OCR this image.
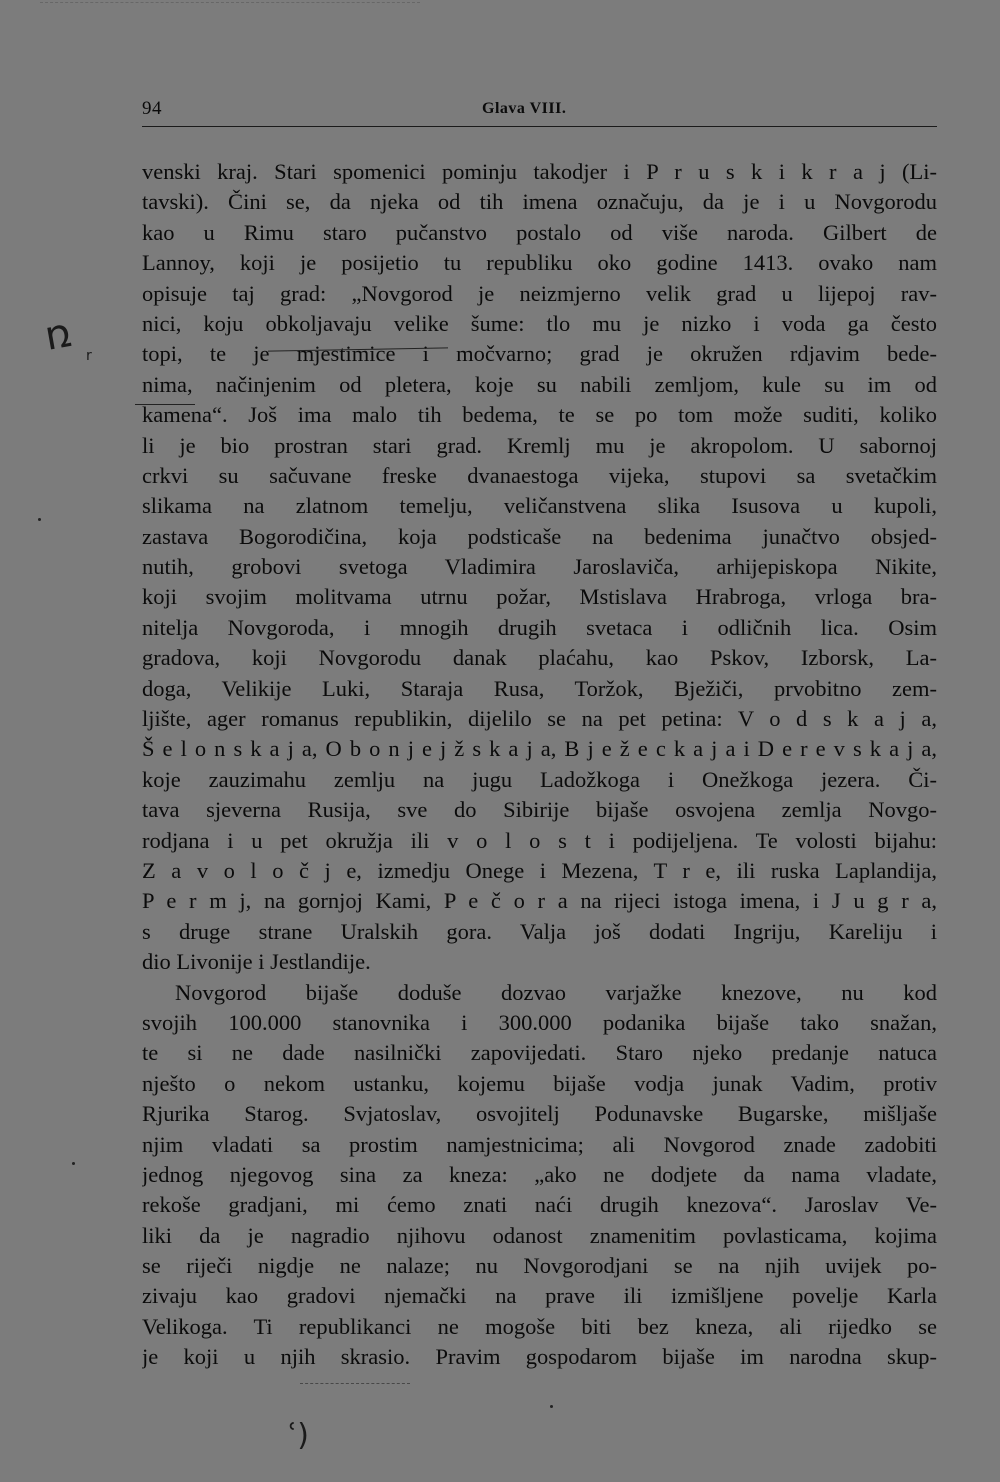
94	Glava VIII.
venski kraj. Stari spomenici pominju takodjer i P r u s k i k r a j (Li-
tavski). Čini se, da njeka od tih imena označuju, da je i u Novgorodu
kao u Rimu staro pučanstvo postalo od više naroda. Gilbert de
Lannoy, koji je posijetio tu republiku oko godine 1413. ovako nam
opisuje taj grad: „Novgorod je neizmjerno velik grad u lijepoj rav-
nici, koju obkoljavaju velike šume: tlo mu je nizko i voda ga često
topi, te je mjestimice i močvarno; grad je okružen rdjavim bede-
nima, načinjenim od pletera, koje su nabili zemljom, kule su im od
kamena“. Još ima malo tih bedema, te se po tom može suditi, koliko
li je bio prostran stari grad. Kremlj mu je akropolom. U sabornoj
crkvi su sačuvane freske dvanaestoga vijeka, stupovi sa svetačkim
slikama na zlatnom temelju, veličanstvena slika Isusova u kupoli,
zastava Bogorodičina, koja podsticaše na bedenima junačtvo obsjed-
nutih, grobovi svetoga Vladimira Jaroslaviča, arhijepiskopa Nikite,
koji svojim molitvama utrnu požar, Mstislava Hrabroga, vrloga bra-
nitelja Novgoroda, i mnogih drugih svetaca i odličnih lica. Osim
gradova, koji Novgorodu danak plaćahu, kao Pskov, Izborsk, La-
doga, Velikije Luki, Staraja Rusa, Toržok, Bježiči, prvobitno zem-
ljište, ager romanus republikin, dijelilo se na pet petina: V o d s k a j a,
Š e l o n s k a j a, O b o n j e j ž s k a j a, B j e ž e c k a j a i D e r e v s k a j a,
koje zauzimahu zemlju na jugu Ladožkoga i Onežkoga jezera. Či-
tava sjeverna Rusija, sve do Sibirije bijaše osvojena zemlja Novgo-
rodjana i u pet okružja ili v o l o s t i podijeljena. Te volosti bijahu:
Z a v o l o č j e, izmedju Onege i Mezena, T r e, ili ruska Laplandija,
P e r m j, na gornjoj Kami, P e č o r a na rijeci istoga imena, i J u g r a,
s druge strane Uralskih gora. Valja još dodati Ingriju, Kareliju i
dio Livonije i Jestlandije.
Novgorod bijaše doduše dozvao varjažke knezove, nu kod
svojih 100.000 stanovnika i 300.000 podanika bijaše tako snažan,
te si ne dade nasilnički zapovijedati. Staro njeko predanje natuca
nješto o nekom ustanku, kojemu bijaše vodja junak Vadim, protiv
Rjurika Starog. Svjatoslav, osvojitelj Podunavske Bugarske, mišljaše
njim vladati sa prostim namjestnicima; ali Novgorod znade zadobiti
jednog njegovog sina za kneza: „ako ne dodjete da nama vladate,
rekoše gradjani, mi ćemo znati naći drugih knezova“. Jaroslav Ve-
liki da je nagradio njihovu odanost znamenitim povlasticama, kojima
se riječi nigdje ne nalaze; nu Novgorodjani se na njih uvijek po-
zivaju kao gradovi njemački na prave ili izmišljene povelje Karla
Velikoga. Ti republikanci ne mogoše biti bez kneza, ali rijedko se
je koji u njih skrasio. Pravim gospodarom bijaše im narodna skup-
ռ r
ʿ)
